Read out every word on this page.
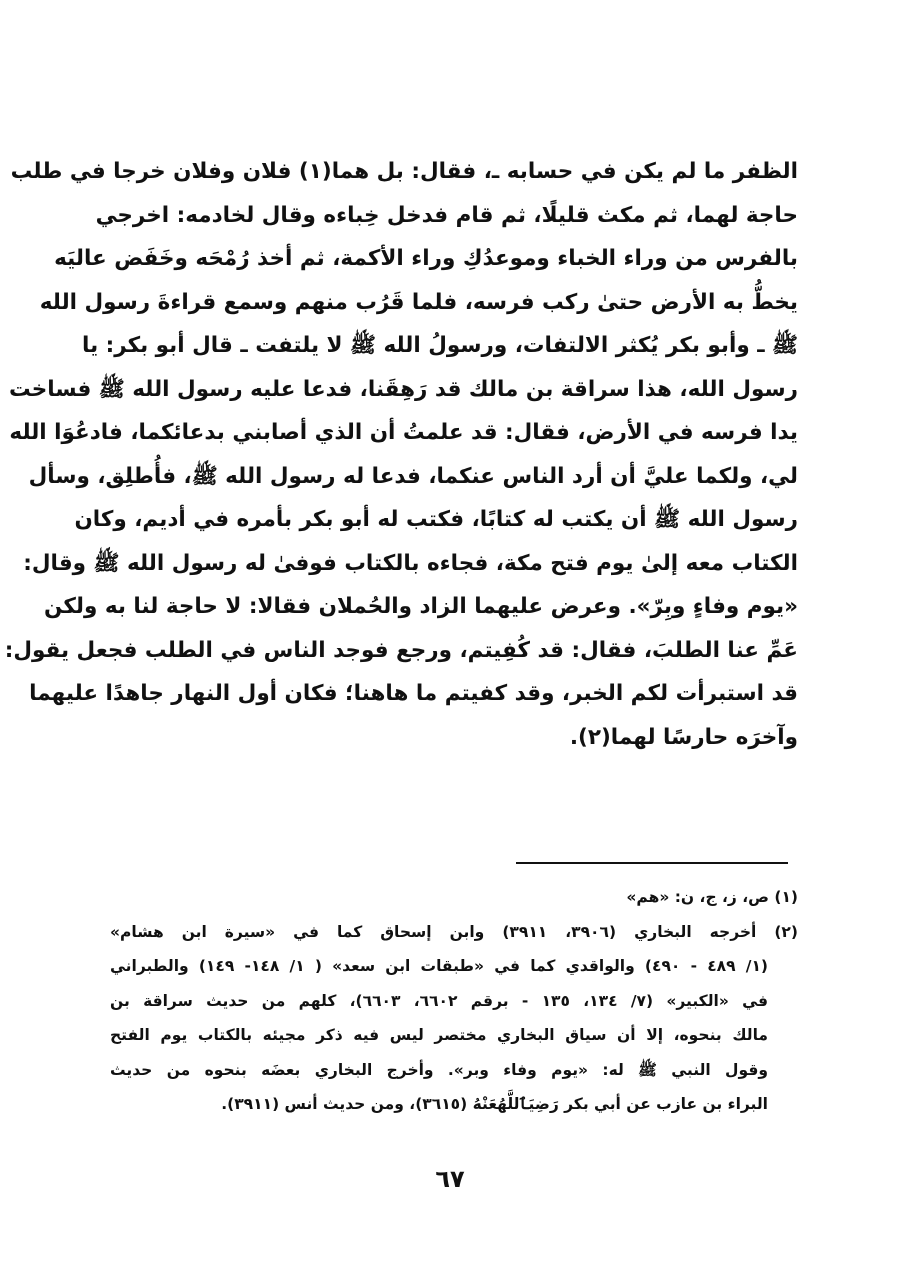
الظفر ما لم يكن في حسابه ـ، فقال: بل هما(١) فلان وفلان خرجا في طلب
حاجة لهما، ثم مكث قليلًا، ثم قام فدخل خِباءه وقال لخادمه: اخرجي
بالفرس من وراء الخباء وموعدُكِ وراء الأكمة، ثم أخذ رُمْحَه وخَفَض عاليَه
يخطُّ به الأرض حتىٰ ركب فرسه، فلما قَرُب منهم وسمع قراءةَ رسول الله
ﷺ ـ وأبو بكر يُكثر الالتفات، ورسولُ الله ﷺ لا يلتفت ـ قال أبو بكر: يا
رسول الله، هذا سراقة بن مالك قد رَهِقَنا، فدعا عليه رسول الله ﷺ فساخت
يدا فرسه في الأرض، فقال: قد علمتُ أن الذي أصابني بدعائكما، فادعُوَا الله
لي، ولكما عليَّ أن أرد الناس عنكما، فدعا له رسول الله ﷺ، فأُطلِق، وسأل
رسول الله ﷺ أن يكتب له كتابًا، فكتب له أبو بكر بأمره في أديم، وكان
الكتاب معه إلىٰ يوم فتح مكة، فجاءه بالكتاب فوفىٰ له رسول الله ﷺ وقال:
«يوم وفاءٍ وبِرّ». وعرض عليهما الزاد والحُملان فقالا: لا حاجة لنا به ولكن
عَمِّ عنا الطلبَ، فقال: قد كُفِيتم، ورجع فوجد الناس في الطلب فجعل يقول:
قد استبرأت لكم الخبر، وقد كفيتم ما هاهنا؛ فكان أول النهار جاهدًا عليهما
وآخرَه حارسًا لهما(٢).
(١) ص، ز، ج، ن: «هم»
(٢) أخرجه البخاري (٣٩٠٦، ٣٩١١) وابن إسحاق كما في «سيرة ابن هشام»
(١/ ٤٨٩ - ٤٩٠) والواقدي كما في «طبقات ابن سعد» ( ١/ ١٤٨- ١٤٩) والطبراني
في «الكبير» (٧/ ١٣٤، ١٣٥ - برقم ٦٦٠٢، ٦٦٠٣)، كلهم من حديث سراقة بن
مالك بنحوه، إلا أن سياق البخاري مختصر ليس فيه ذكر مجيئه بالكتاب يوم الفتح
وقول النبي ﷺ له: «يوم وفاء وبر». وأخرج البخاري بعضَه بنحوه من حديث
البراء بن عازب عن أبي بكر رَضِيَٱللَّهُعَنْهُ (٣٦١٥)، ومن حديث أنس (٣٩١١).
٦٧
